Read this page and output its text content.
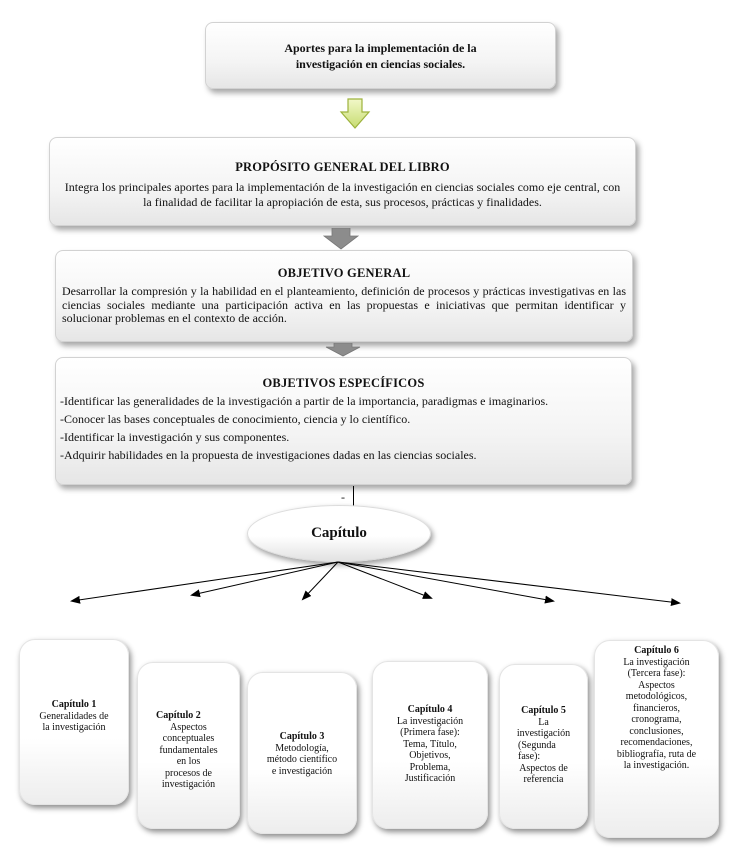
Aportes para la implementación de la
investigación en ciencias sociales.
PROPÓSITO GENERAL DEL LIBRO
Integra los principales aportes para la implementación de la investigación en ciencias sociales como eje central, con la finalidad de facilitar la apropiación de esta, sus procesos, prácticas y finalidades.
OBJETIVO GENERAL
Desarrollar la compresión y la habilidad en el planteamiento, definición de procesos y prácticas investigativas en las ciencias sociales mediante una participación activa en las propuestas e iniciativas que permitan identificar y solucionar problemas en el contexto de acción.
OBJETIVOS ESPECÍFICOS
-Identificar las generalidades de la investigación a partir de la importancia, paradigmas e imaginarios.
-Conocer las bases conceptuales de conocimiento, ciencia y lo científico.
-Identificar la investigación y sus componentes.
-Adquirir habilidades en la propuesta de investigaciones dadas en las ciencias sociales.
-
Capítulo
Capítulo 1
Generalidades de
la investigación
Capítulo 2
Aspectos
conceptuales
fundamentales
en los
procesos de
investigación
Capítulo 3
Metodología,
método científico
e investigación
Capítulo 4
La investigación
(Primera fase):
Tema, Título,
Objetivos,
Problema,
Justificación
Capítulo 5
La
investigación
(Segunda
fase):
Aspectos de
referencia
Capítulo 6
La investigación
(Tercera fase):
Aspectos
metodológicos,
financieros,
cronograma,
conclusiones,
recomendaciones,
bibliografía, ruta de
la investigación.
